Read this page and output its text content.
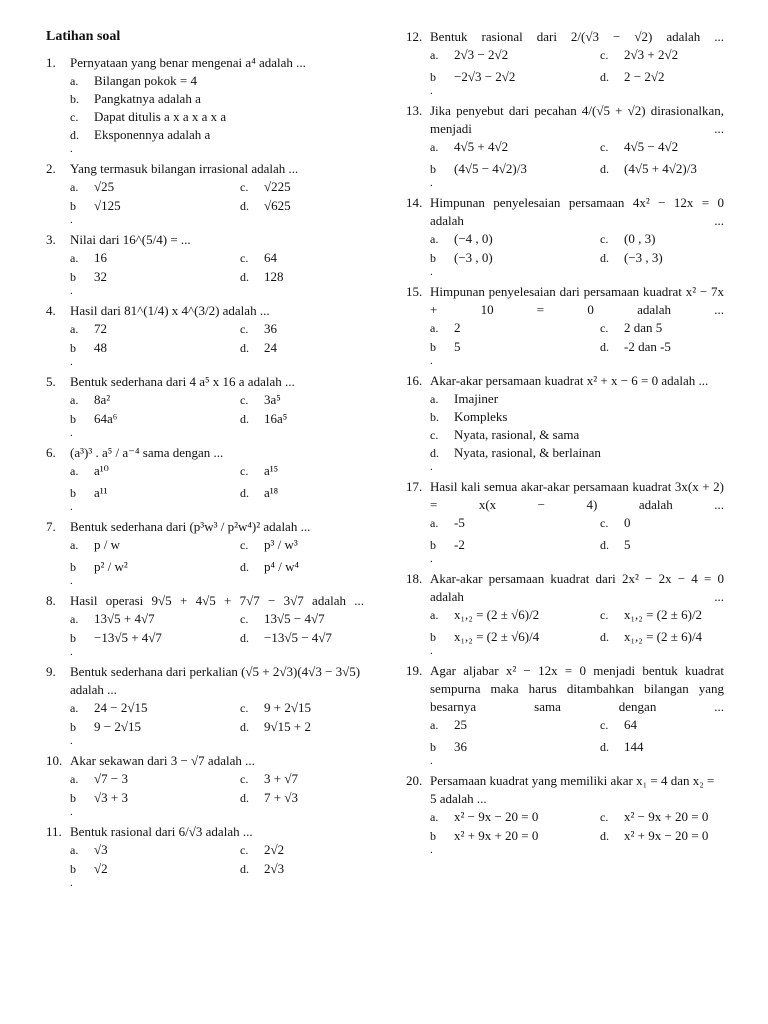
Latihan soal
1.	Pernyataan yang benar mengenai a⁴ adalah ...
a.	Bilangan pokok = 4
b.	Pangkatnya adalah a
c.	Dapat ditulis a x a x a x a
d.	Eksponennya adalah a
.
2.	Yang termasuk bilangan irrasional adalah ...
a.	√25	c.	√225
b	√125	d.	√625
.
3.	Nilai dari 16^(5/4) = ...
a.	16	c.	64
b	32	d.	128
.
4.	Hasil dari 81^(1/4) x 4^(3/2) adalah ...
a.	72	c.	36
b	48	d.	24
.
5.	Bentuk sederhana dari 4 a⁵ x 16 a adalah ...
a.	8a²	c.	3a⁵
b	64a⁶	d.	16a⁵
.
6.	(a³)³ . a⁵ / a⁻⁴ sama dengan ...
a.	a¹⁰	c.	a¹⁵
b	a¹¹	d.	a¹⁸
.
7.	Bentuk sederhana dari (p³w³ / p²w⁴)² adalah ...
a.	p / w	c.	p³ / w³
b	p² / w²	d.	p⁴ / w⁴
.
8.	Hasil operasi 9√5 + 4√5 + 7√7 − 3√7 adalah ...
a.	13√5 + 4√7	c.	13√5 − 4√7
b	−13√5 + 4√7	d.	−13√5 − 4√7
.
9.	Bentuk sederhana dari perkalian (√5 + 2√3)(4√3 − 3√5) adalah ...
a.	24 − 2√15	c.	9 + 2√15
b	9 − 2√15	d.	9√15 + 2
.
10. Akar sekawan dari 3 − √7 adalah ...
a.	√7 − 3	c.	3 + √7
b	√3 + 3	d.	7 + √3
.
11. Bentuk rasional dari 6/√3 adalah ...
a.	√3	c.	2√2
b	√2	d.	2√3
.
12. Bentuk rasional dari 2/(√3 − √2) adalah ...
a.	2√3 − 2√2	c.	2√3 + 2√2
b	−2√3 − 2√2	d.	2 − 2√2
.
13. Jika penyebut dari pecahan 4/(√5 + √2) dirasionalkan, menjadi ...
a.	4√5 + 4√2	c.	4√5 − 4√2
b	(4√5 − 4√2)/3	d.	(4√5 + 4√2)/3
.
14. Himpunan penyelesaian persamaan 4x² − 12x = 0 adalah ...
a.	(−4 , 0)	c.	(0 , 3)
b	(−3 , 0)	d.	(−3 , 3)
.
15. Himpunan penyelesaian dari persamaan kuadrat x² − 7x + 10 = 0 adalah ...
a.	2	c.	2 dan 5
b	5	d.	-2 dan -5
.
16. Akar-akar persamaan kuadrat x² + x − 6 = 0 adalah ...
a.	Imajiner
b.	Kompleks
c.	Nyata, rasional, & sama
d.	Nyata, rasional, & berlainan
.
17. Hasil kali semua akar-akar persamaan kuadrat 3x(x + 2) = x(x − 4) adalah ...
a.	-5	c.	0
b	-2	d.	5
.
18. Akar-akar persamaan kuadrat dari 2x² − 2x − 4 = 0 adalah ...
a.	x₁,₂ = (2 ± √6)/2	c.	x₁,₂ = (2 ± 6)/2
b	x₁,₂ = (2 ± √6)/4	d.	x₁,₂ = (2 ± 6)/4
.
19. Agar aljabar x² − 12x = 0 menjadi bentuk kuadrat sempurna maka harus ditambahkan bilangan yang besarnya sama dengan ...
a.	25	c.	64
b	36	d.	144
.
20. Persamaan kuadrat yang memiliki akar x₁ = 4 dan x₂ = 5 adalah ...
a.	x² − 9x − 20 = 0	c.	x² − 9x + 20 = 0
b	x² + 9x + 20 = 0	d.	x² + 9x − 20 = 0
.
